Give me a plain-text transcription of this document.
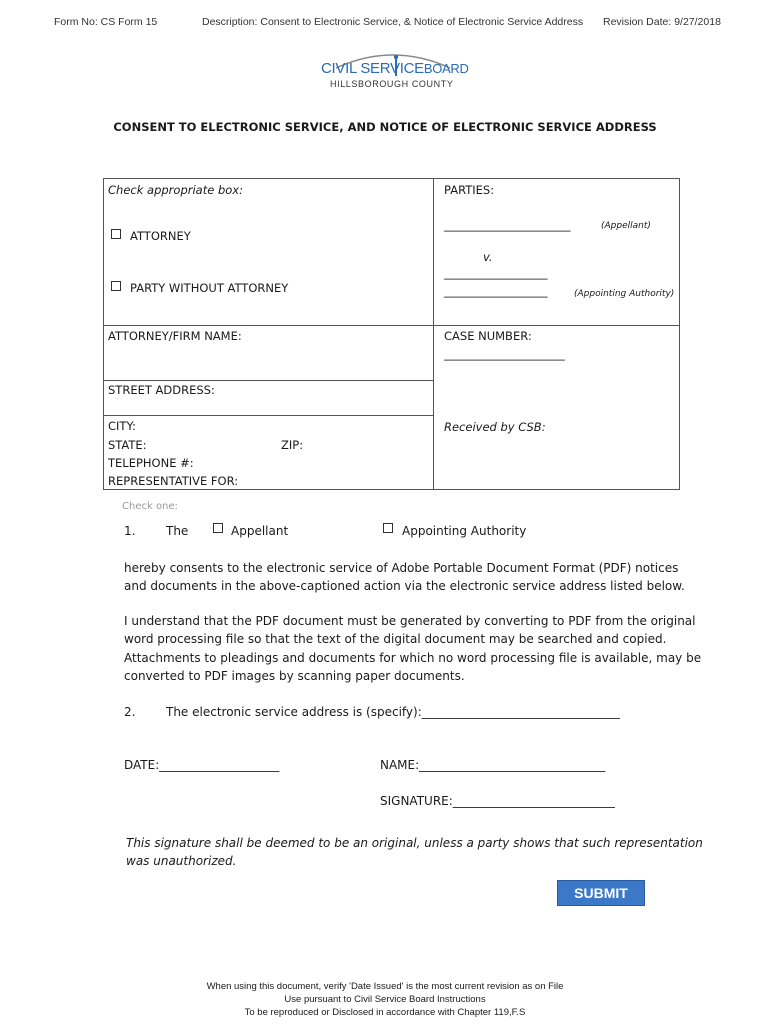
Form No: CS Form 15	Description: Consent to Electronic Service, & Notice of Electronic Service Address Revision Date: 9/27/2018
CIVIL SERVICEBOARD
HILLSBOROUGH COUNTY
CONSENT TO ELECTRONIC SERVICE, AND NOTICE OF ELECTRONIC SERVICE ADDRESS
Check appropriate box:
ATTORNEY
PARTY WITHOUT ATTORNEY
ATTORNEY/FIRM NAME:
STREET ADDRESS:
CITY:
STATE:	ZIP:
TELEPHONE #:
REPRESENTATIVE FOR:
PARTIES:
______________________	(Appellant)
v.
__________________
__________________	(Appointing Authority)
CASE NUMBER:
_____________________
Received by CSB:
Check one:
1.	The	Appellant	Appointing Authority
hereby consents to the electronic service of Adobe Portable Document Format (PDF) notices
and documents in the above-captioned action via the electronic service address listed below.
I understand that the PDF document must be generated by converting to PDF from the original
word processing file so that the text of the digital document may be searched and copied.
Attachments to pleadings and documents for which no word processing file is available, may be
converted to PDF images by scanning paper documents.
2.	The electronic service address is (specify):_________________________________
DATE:____________________	NAME:_______________________________
SIGNATURE:___________________________
This signature shall be deemed to be an original, unless a party shows that such representation
was unauthorized.
SUBMIT
When using this document, verify 'Date Issued' is the most current revision as on File
Use pursuant to Civil Service Board Instructions
To be reproduced or Disclosed in accordance with Chapter 119,F.S
